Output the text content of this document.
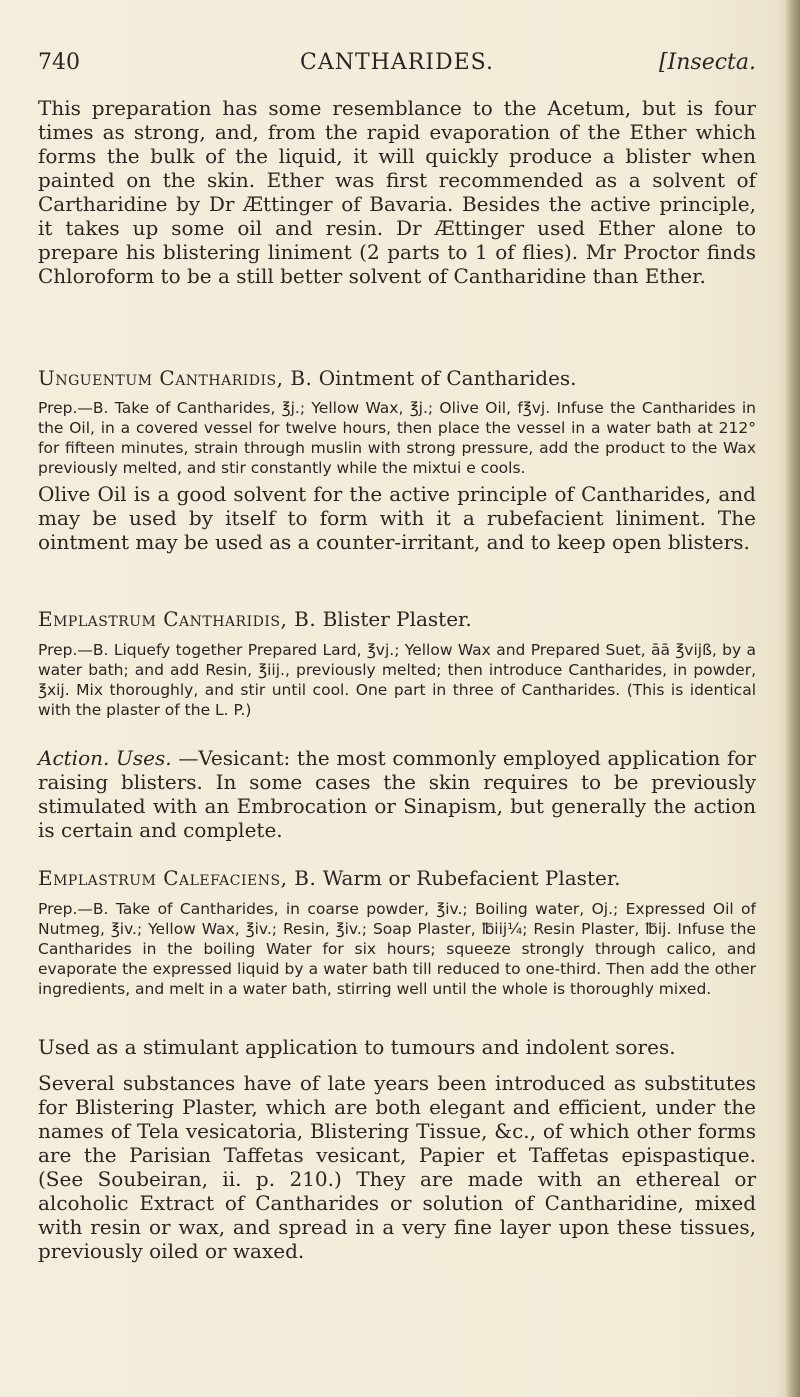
740	CANTHARIDES.	[Insecta.

This preparation has some resemblance to the Acetum, but is four times as strong, and, from the rapid evaporation of the Ether which forms the bulk of the liquid, it will quickly produce a blister when painted on the skin. Ether was first recommended as a solvent of Cartharidine by Dr Ættinger of Bavaria. Besides the active principle, it takes up some oil and resin. Dr Ættinger used Ether alone to prepare his blistering liniment (2 parts to 1 of flies). Mr Proctor finds Chloroform to be a still better solvent of Cantharidine than Ether.

Unguentum Cantharidis, B. Ointment of Cantharides.

Prep.—B. Take of Cantharides, ℥j.; Yellow Wax, ℥j.; Olive Oil, f℥vj. Infuse the Cantharides in the Oil, in a covered vessel for twelve hours, then place the vessel in a water bath at 212° for fifteen minutes, strain through muslin with strong pressure, add the product to the Wax previously melted, and stir constantly while the mixtui e cools.

Olive Oil is a good solvent for the active principle of Cantharides, and may be used by itself to form with it a rubefacient liniment. The ointment may be used as a counter-irritant, and to keep open blisters.

Emplastrum Cantharidis, B. Blister Plaster.

Prep.—B. Liquefy together Prepared Lard, ℥vj.; Yellow Wax and Prepared Suet, āā ℥vijß, by a water bath; and add Resin, ℥iij., previously melted; then introduce Cantharides, in powder, ℥xij. Mix thoroughly, and stir until cool. One part in three of Cantharides. (This is identical with the plaster of the L. P.)

Action. Uses. —Vesicant: the most commonly employed application for raising blisters. In some cases the skin requires to be previously stimulated with an Embrocation or Sinapism, but generally the action is certain and complete.

Emplastrum Calefaciens, B. Warm or Rubefacient Plaster.

Prep.—B. Take of Cantharides, in coarse powder, ℥iv.; Boiling water, Oj.; Expressed Oil of Nutmeg, ℥iv.; Yellow Wax, ℥iv.; Resin, ℥iv.; Soap Plaster, ℔iij¼; Resin Plaster, ℔ij. Infuse the Cantharides in the boiling Water for six hours; squeeze strongly through calico, and evaporate the expressed liquid by a water bath till reduced to one-third. Then add the other ingredients, and melt in a water bath, stirring well until the whole is thoroughly mixed.

Used as a stimulant application to tumours and indolent sores.

Several substances have of late years been introduced as substitutes for Blistering Plaster, which are both elegant and efficient, under the names of Tela vesicatoria, Blistering Tissue, &c., of which other forms are the Parisian Taffetas vesicant, Papier et Taffetas epispastique. (See Soubeiran, ii. p. 210.) They are made with an ethereal or alcoholic Extract of Cantharides or solution of Cantharidine, mixed with resin or wax, and spread in a very fine layer upon these tissues, previously oiled or waxed.
